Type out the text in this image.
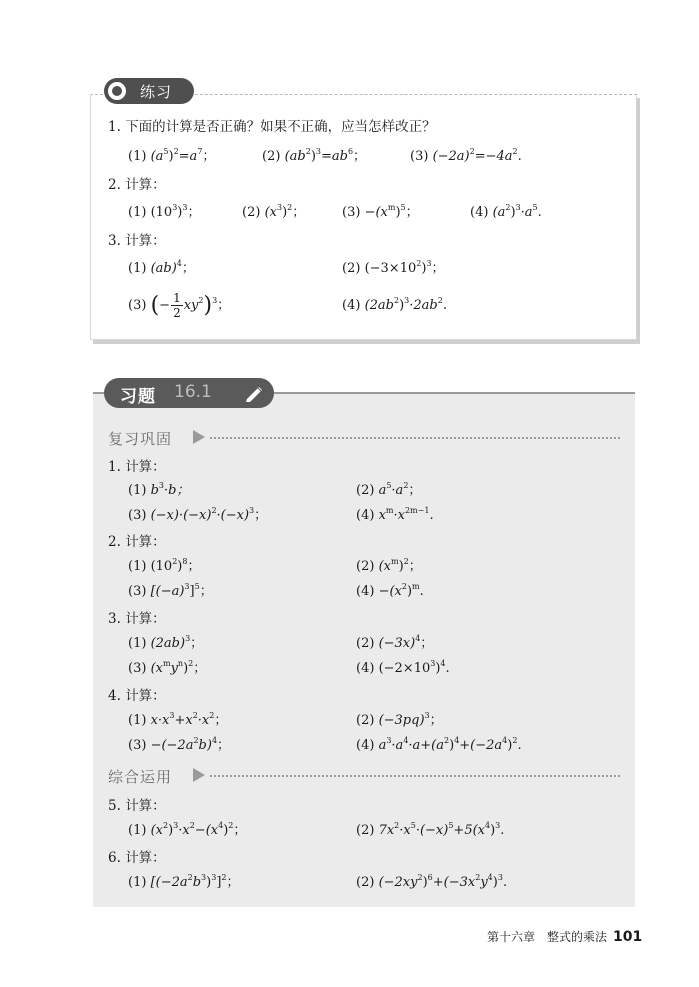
练习
1. 下面的计算是否正确？如果不正确，应当怎样改正？
(1) $(a^5)^2=a^7$；	(2) $(ab^2)^3=ab^6$；	(3) $(-2a)^2=-4a^2$.
2. 计算：
(1) $(10^3)^3$；	(2) $(x^3)^2$；	$(3) -(x^m)^5$；	(4) $(a^2)^3\cdot a^5$.
3. 计算：
(1) (ab)$^4$；	(2) $(-3\times 10^2)^3$；
(3) (− $\frac{1}{2} xy^2)^3$；	(4) $(2ab^2)^3\cdot 2ab^2$.
习题 16.1
复习巩固
1. 计算：
(1) $b^3\cdot b$；	(2) $a^5\cdot a^2$；
(3) $(-x)\cdot(-x)^2\cdot(-x)^3$；	(4) $x^m\cdot x^{2m-1}$.
2. 计算：
(1) $(10^2)^8$；	(2) $(x^m)^2$；
(3) $[(-a)^3]^5$；	$(4) -(x^2)^m$.
3. 计算：
(1) $(2ab)^3$；	(2) $(-3x)^4$；
(3) $(x^my^n)^2$；	(4) $(-2\times 10^3)^4$.
4. 计算：
(1) $x\cdot x^3+x^2\cdot x^2$；	(2) $(-3pq)^3$；
$(3) -(-2a^2b)^4$；	(4) $a^3\cdot a^4\cdot a+(a^2)^4+(-2a^4)^2$.
综合运用
5. 计算：
(1) $(x^2)^3\cdot x^2-(x^4)^2$；	(2) $7x^2\cdot x^5\cdot(-x)^5+5(x^4)^3$.
6. 计算：
(1) $[(-2a^2b^3)^3]^2$；	(2) $(-2xy^2)^6+(-3x^2y^4)^3$.
第十六章　整式的乘法 101
